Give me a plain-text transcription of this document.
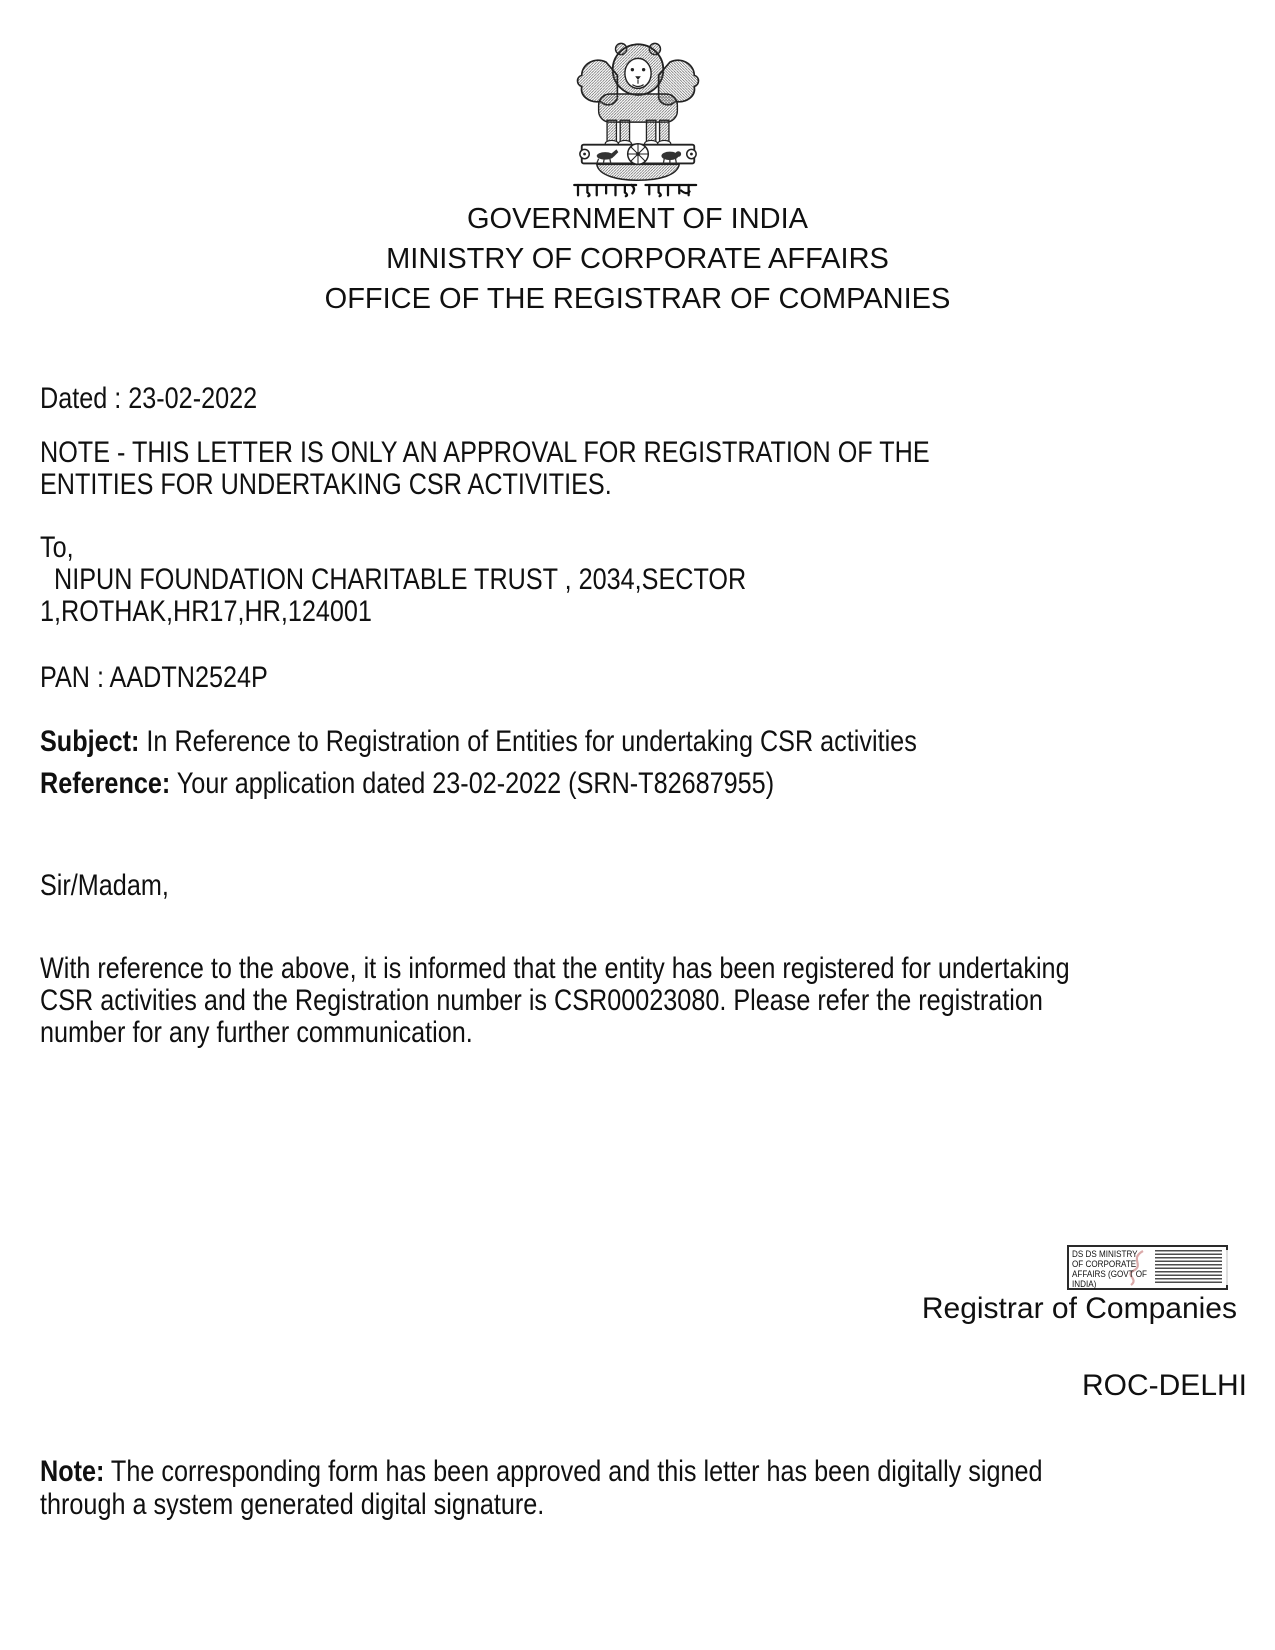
GOVERNMENT OF INDIA
MINISTRY OF CORPORATE AFFAIRS
OFFICE OF THE REGISTRAR OF COMPANIES
Dated : 23-02-2022
NOTE - THIS LETTER IS ONLY AN APPROVAL FOR REGISTRATION OF THE
ENTITIES FOR UNDERTAKING CSR ACTIVITIES.
To,
NIPUN FOUNDATION CHARITABLE TRUST , 2034,SECTOR
1,ROTHAK,HR17,HR,124001
PAN : AADTN2524P
Subject: In Reference to Registration of Entities for undertaking CSR activities
Reference: Your application dated 23-02-2022 (SRN-T82687955)
Sir/Madam,
With reference to the above, it is informed that the entity has been registered for undertaking
CSR activities and the Registration number is CSR00023080. Please refer the registration
number for any further communication.
DS DS MINISTRY
OF CORPORATE
AFFAIRS (GOVT OF
INDIA)
Registrar of Companies
ROC-DELHI
Note: The corresponding form has been approved and this letter has been digitally signed
through a system generated digital signature.
